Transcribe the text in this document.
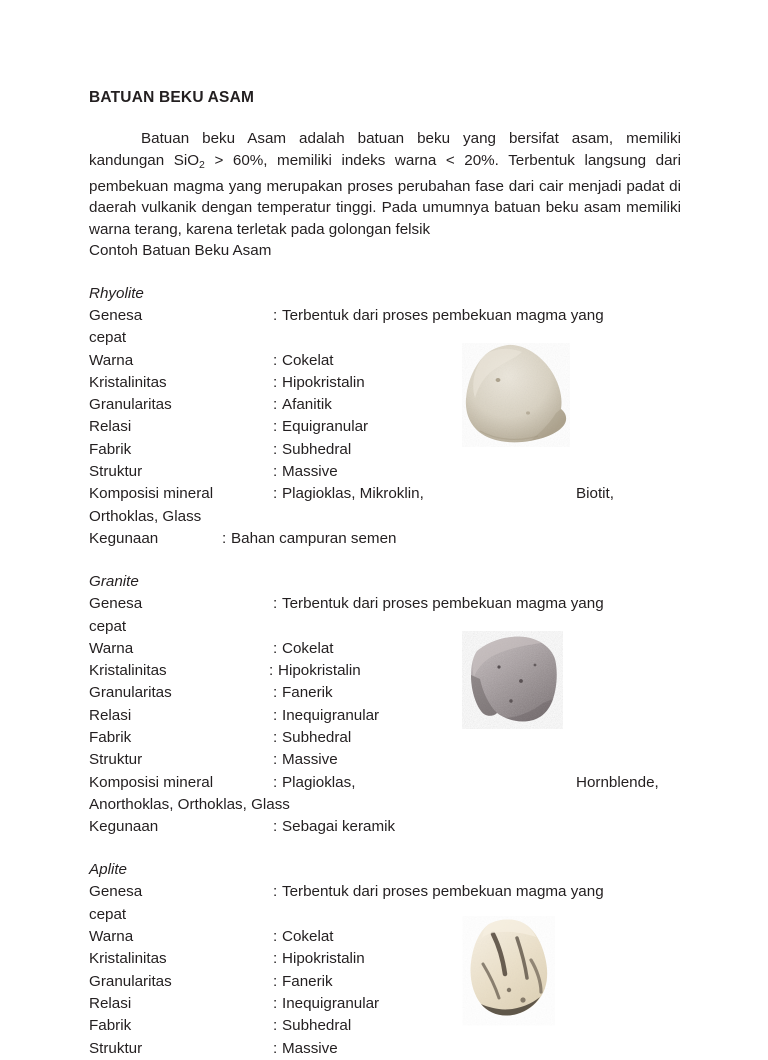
BATUAN BEKU ASAM

Batuan beku Asam adalah batuan beku yang bersifat asam, memiliki kandungan SiO$_2$ > 60%, memiliki indeks warna < 20%. Terbentuk langsung dari pembekuan magma yang merupakan proses perubahan fase dari cair menjadi padat di daerah vulkanik dengan temperatur tinggi. Pada umumnya batuan beku asam memiliki warna terang, karena terletak pada golongan felsik

Contoh Batuan Beku Asam

Rhyolite
Genesa	: Terbentuk dari proses pembekuan magma yang
cepat
Warna	: Cokelat
Kristalinitas	: Hipokristalin
Granularitas	: Afanitik
Relasi	: Equigranular
Fabrik	: Subhedral
Struktur	: Massive
Komposisi mineral	: Plagioklas, Mikroklin,	Biotit,
Orthoklas, Glass
Kegunaan	: Bahan campuran semen
Granite
Genesa	: Terbentuk dari proses pembekuan magma yang
cepat
Warna	: Cokelat
Kristalinitas	: Hipokristalin
Granularitas	: Fanerik
Relasi	: Inequigranular
Fabrik	: Subhedral
Struktur	: Massive
Komposisi mineral	: Plagioklas,	Hornblende,
Anorthoklas, Orthoklas, Glass
Kegunaan	: Sebagai keramik
Aplite
Genesa	: Terbentuk dari proses pembekuan magma yang
cepat
Warna	: Cokelat
Kristalinitas	: Hipokristalin
Granularitas	: Fanerik
Relasi	: Inequigranular
Fabrik	: Subhedral
Struktur	: Massive
